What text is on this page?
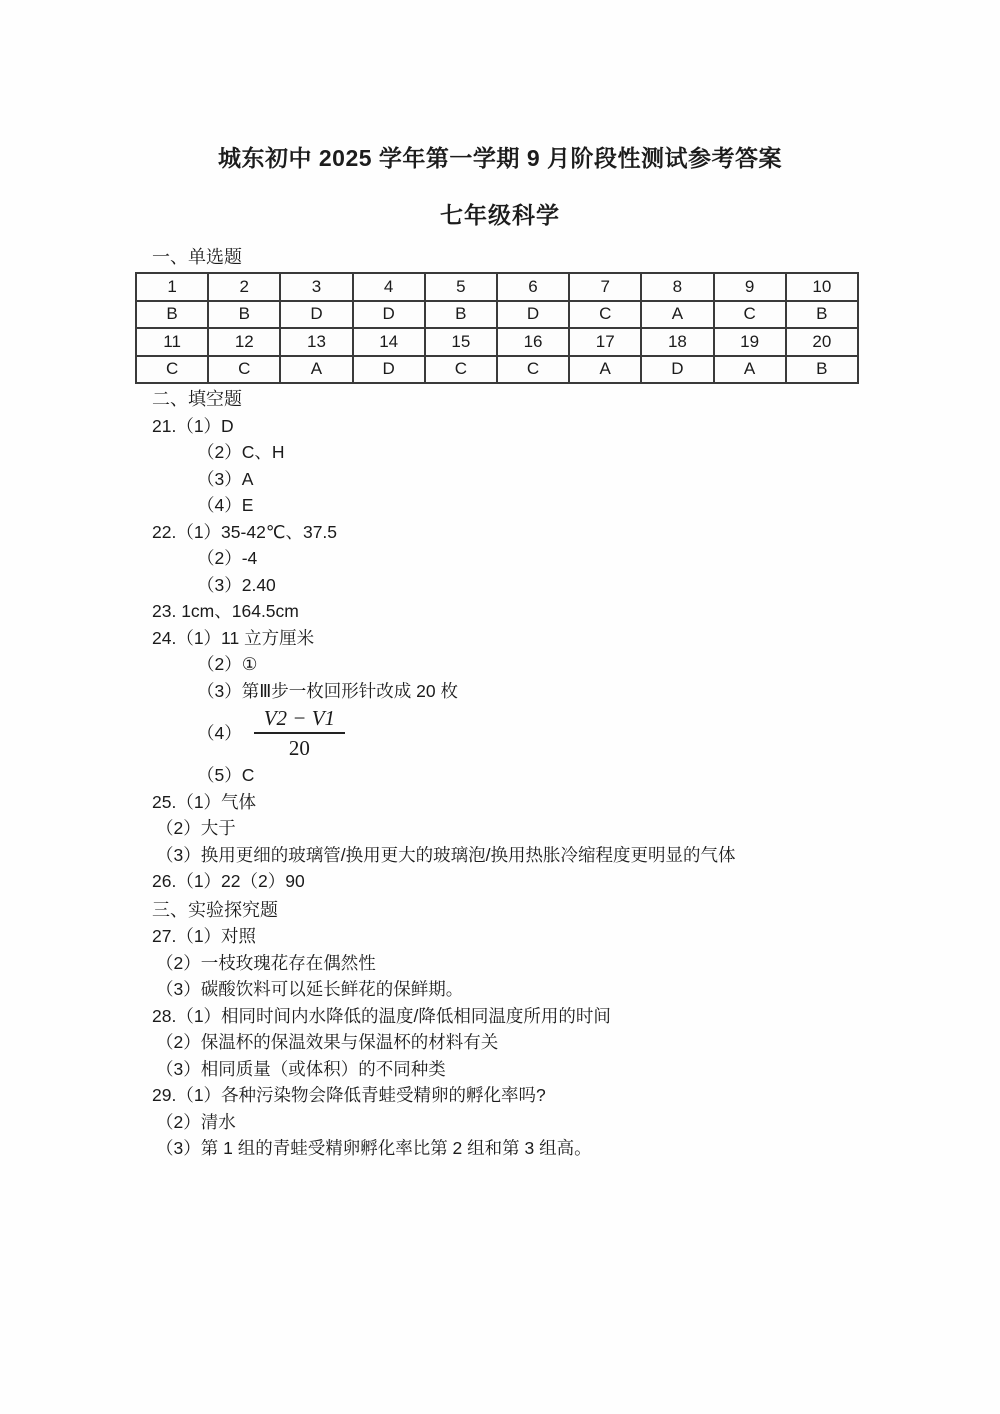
城东初中 2025 学年第一学期 9 月阶段性测试参考答案
七年级科学
一、单选题
1	2	3	4	5	6	7	8	9	10
B	B	D	D	B	D	C	A	C	B
11	12	13	14	15	16	17	18	19	20
C	C	A	D	C	C	A	D	A	B
二、填空题
21.（1）D
（2）C、H
（3）A
（4）E
22.（1）35-42℃、37.5
（2）-4
（3）2.40
23. 1cm、164.5cm
24.（1）11 立方厘米
（2）①
（3）第Ⅲ步一枚回形针改成 20 枚
$(4) \frac{V2 - V1}{20}$
（5）C
25.（1）气体
（2）大于
（3）换用更细的玻璃管/换用更大的玻璃泡/换用热胀冷缩程度更明显的气体
26.（1）22（2）90
三、实验探究题
27.（1）对照
（2）一枝玫瑰花存在偶然性
（3）碳酸饮料可以延长鲜花的保鲜期。
28.（1）相同时间内水降低的温度/降低相同温度所用的时间
（2）保温杯的保温效果与保温杯的材料有关
（3）相同质量（或体积）的不同种类
29.（1）各种污染物会降低青蛙受精卵的孵化率吗?
（2）清水
（3）第 1 组的青蛙受精卵孵化率比第 2 组和第 3 组高。
